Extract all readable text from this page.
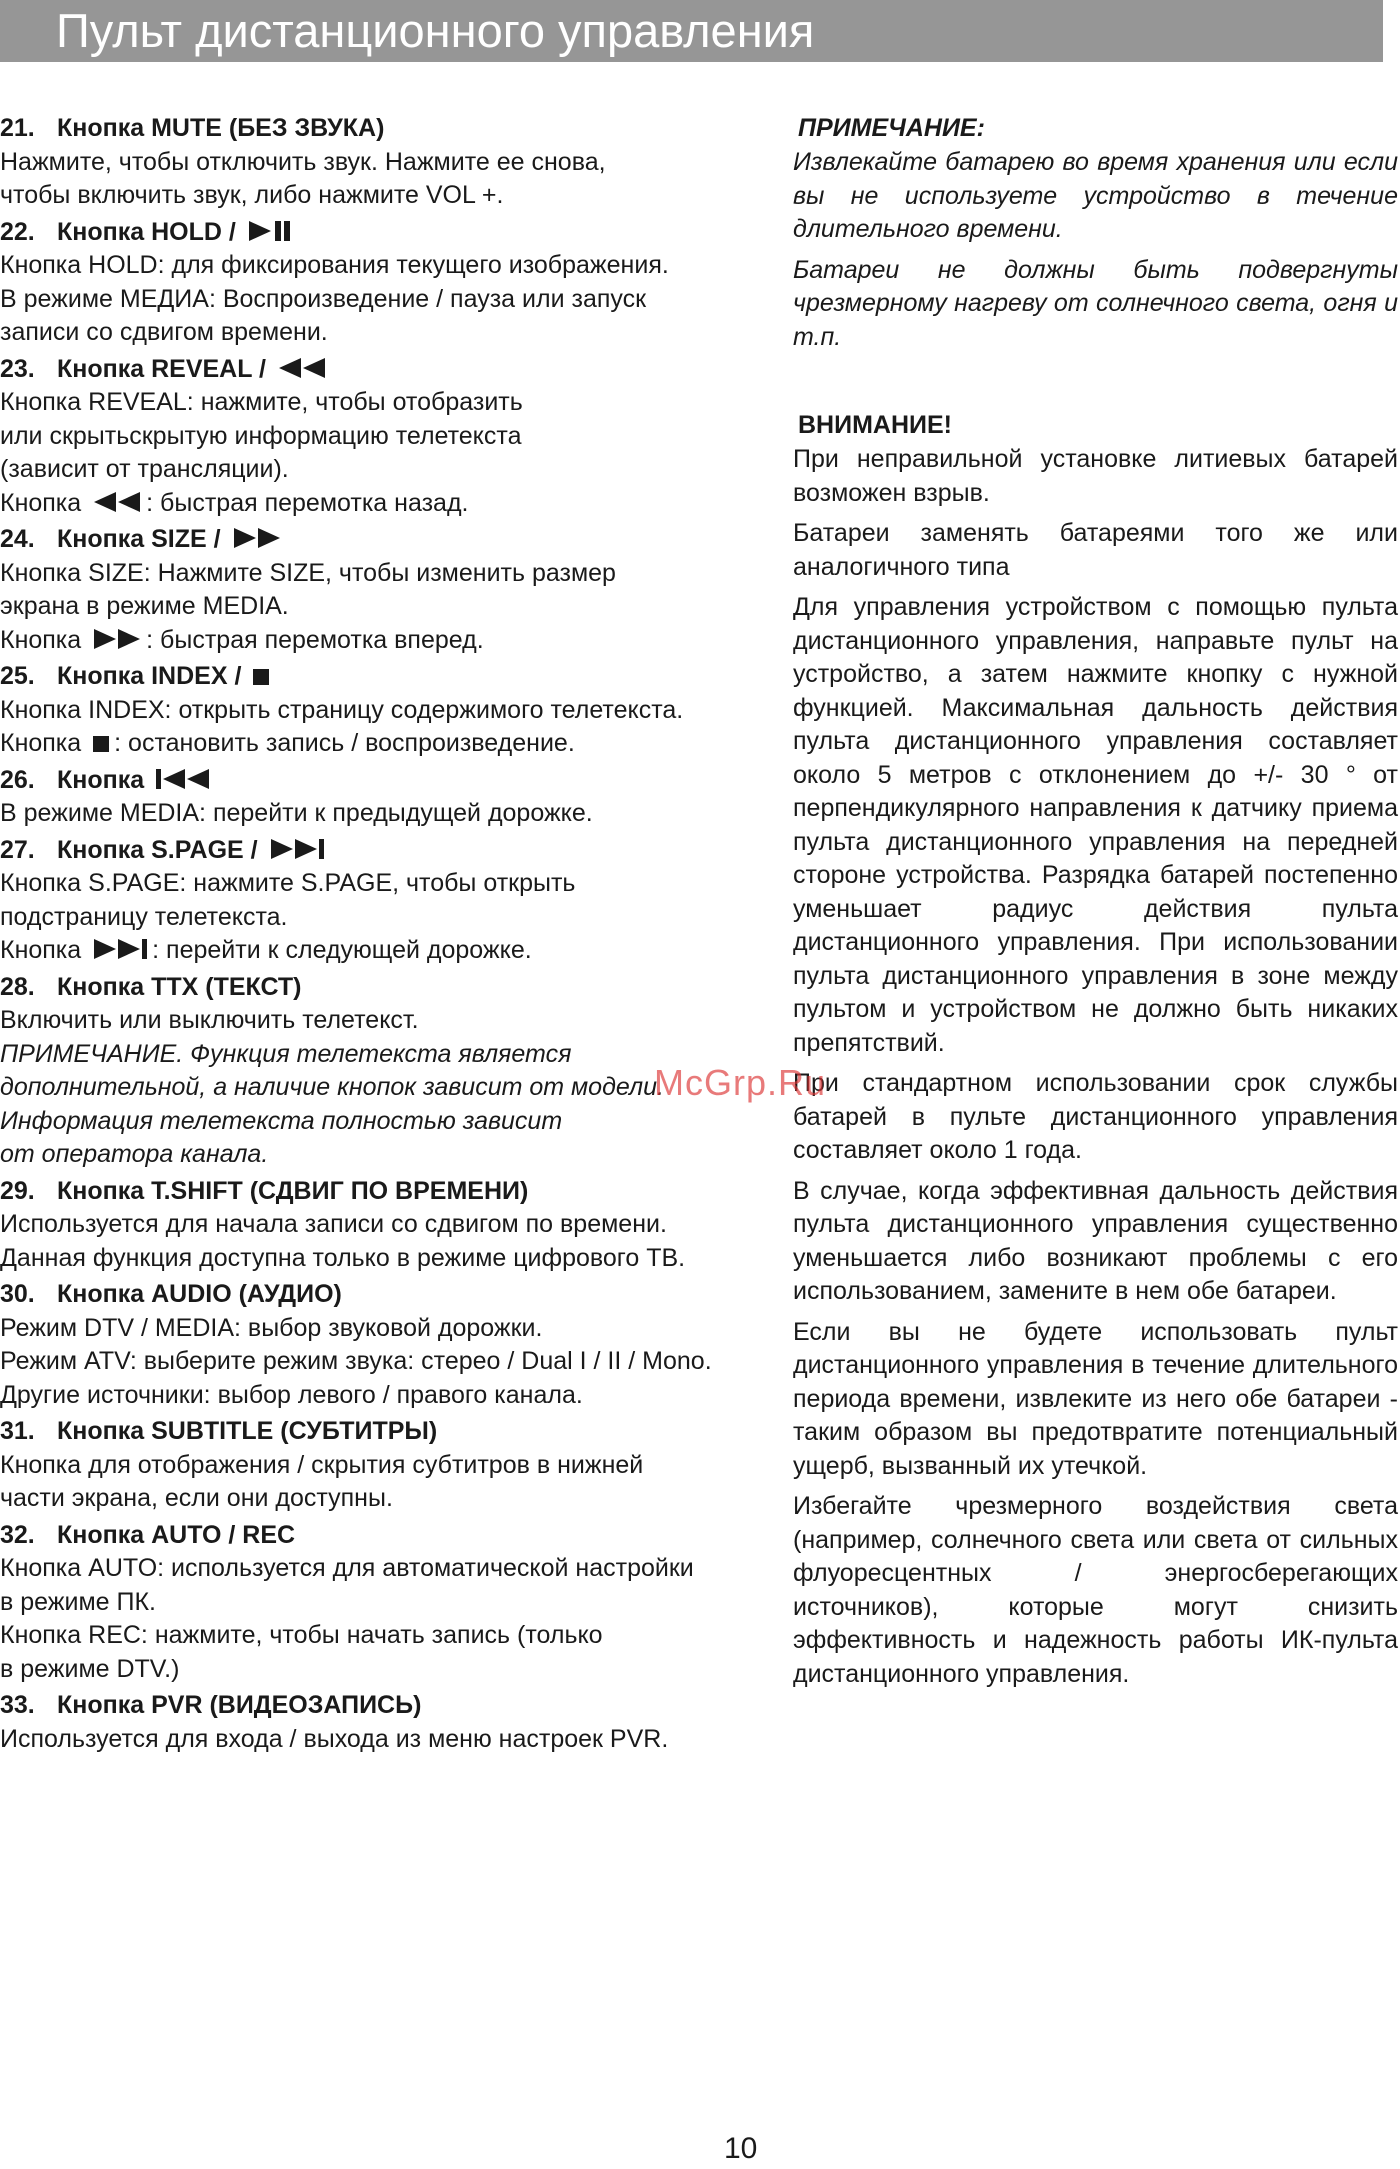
Пульт дистанционного управления
21. Кнопка MUTE (БЕЗ ЗВУКА)
Нажмите, чтобы отключить звук. Нажмите ее снова,
чтобы включить звук, либо нажмите VOL +.
22. Кнопка HOLD /
Кнопка HOLD: для фиксирования текущего изображения.
В режиме МЕДИА: Воспроизведение / пауза или запуск
записи со сдвигом времени.
23. Кнопка REVEAL /
Кнопка REVEAL: нажмите, чтобы отобразить
или скрытьскрытую информацию телетекста
(зависит от трансляции).
Кнопка	: быстрая перемотка назад.
24. Кнопка SIZE /
Кнопка SIZE: Нажмите SIZE, чтобы изменить размер
экрана в режиме MEDIA.
Кнопка	: быстрая перемотка вперед.
25. Кнопка INDEX /
Кнопка INDEX: открыть страницу содержимого телетекста.
Кнопка : остановить запись / воспроизведение.
26. Кнопка
В режиме MEDIA: перейти к предыдущей дорожке.
27. Кнопка S.PAGE /
Кнопка S.PAGE: нажмите S.PAGE, чтобы открыть
подстраницу телетекста.
Кнопка	: перейти к следующей дорожке.
28. Кнопка TTX (ТЕКСТ)
Включить или выключить телетекст.
ПРИМЕЧАНИЕ. Функция телетекста является
дополнительной, а наличие кнопок зависит от модели.
Информация телетекста полностью зависит
от оператора канала.
29. Кнопка T.SHIFT (СДВИГ ПО ВРЕМЕНИ)
Используется для начала записи со сдвигом по времени.
Данная функция доступна только в режиме цифрового ТВ.
30. Кнопка AUDIO (АУДИО)
Режим DTV / MEDIA: выбор звуковой дорожки.
Режим ATV: выберите режим звука: стерео / Dual I / II / Mono.
Другие источники: выбор левого / правого канала.
31. Кнопка SUBTITLE (СУБТИТРЫ)
Кнопка для отображения / скрытия субтитров в нижней
части экрана, если они доступны.
32. Кнопка AUTO / REC
Кнопка AUTO: используется для автоматической настройки
в режиме ПК.
Кнопка REC: нажмите, чтобы начать запись (только
в режиме DTV.)
33. Кнопка PVR (ВИДЕОЗАПИСЬ)
Используется для входа / выхода из меню настроек PVR.
ПРИМЕЧАНИЕ:
Извлекайте батарею во время хранения или если вы не используете устройство в течение длительного времени.
Батареи не должны быть подвергнуты чрезмерному нагреву от солнечного света, огня и т.п.
ВНИМАНИЕ!
При неправильной установке литиевых батарей возможен взрыв.
Батареи заменять батареями того же или аналогичного типа
Для управления устройством с помощью пульта дистанционного управления, направьте пульт на устройство, а затем нажмите кнопку с нужной функцией. Максимальная дальность действия пульта дистанционного управления составляет около 5 метров с отклонением до +/- 30 ° от перпендикулярного направления к датчику приема пульта дистанционного управления на передней стороне устройства. Разрядка батарей постепенно уменьшает радиус действия пульта дистанционного управления. При использовании пульта дистанционного управления в зоне между пультом и устройством не должно быть никаких препятствий.
При стандартном использовании срок службы батарей в пульте дистанционного управления составляет около 1 года.
В случае, когда эффективная дальность действия пульта дистанционного управления существенно уменьшается либо возникают проблемы с его использованием, замените в нем обе батареи.
Если вы не будете использовать пульт дистанционного управления в течение длительного периода времени, извлеките из него обе батареи - таким образом вы предотвратите потенциальный ущерб, вызванный их утечкой.
Избегайте чрезмерного воздействия света (например, солнечного света или света от сильных флуоресцентных / энергосберегающих источников), которые могут снизить эффективность и надежность работы ИК-пульта дистанционного управления.
McGrp.Ru
10
